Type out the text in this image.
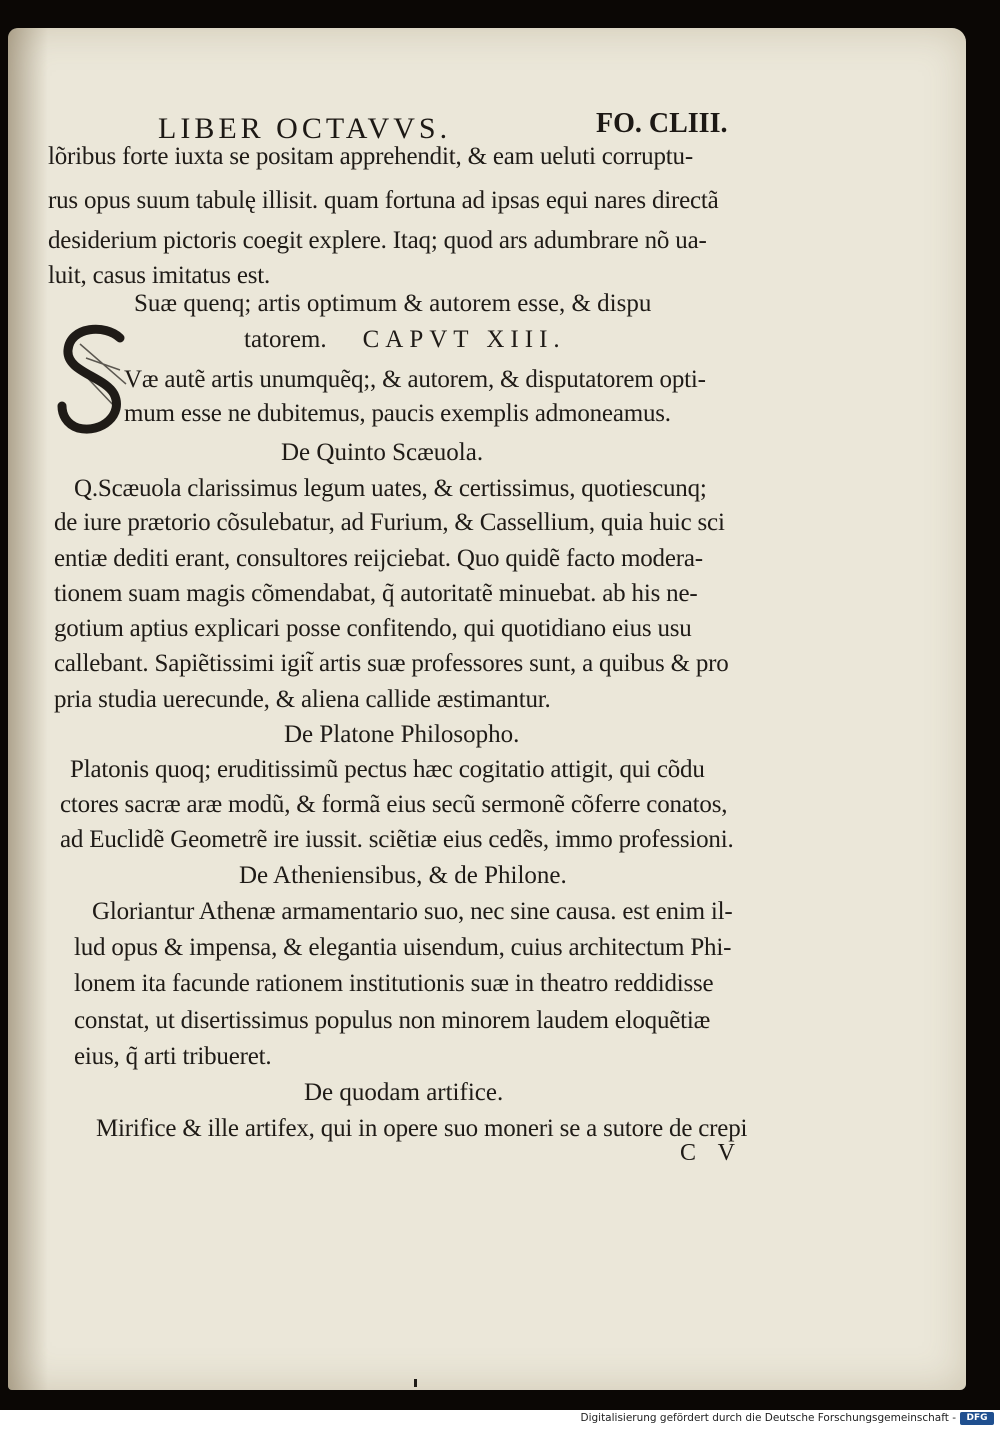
LIBER OCTAVVS.	FO. CLIII.
lõribus forte iuxta se positam apprehendit, & eam ueluti corruptu-
rus opus suum tabulę illisit. quam fortuna ad ipsas equi nares directã
desiderium pictoris coegit explere. Itaq; quod ars adumbrare nõ ua-
luit, casus imitatus est.
Suæ quenq; artis optimum & autorem esse, & dispu
tatorem. CAPVT XIII.
Væ autẽ artis unumquẽq;, & autorem, & disputatorem opti-
mum esse ne dubitemus, paucis exemplis admoneamus.
De Quinto Scæuola.
Q.Scæuola clarissimus legum uates, & certissimus, quotiescunq;
de iure prætorio cõsulebatur, ad Furium, & Cassellium, quia huic sci
entiæ dediti erant, consultores reijciebat. Quo quidẽ facto modera-
tionem suam magis cõmendabat, q̃ autoritatẽ minuebat. ab his ne-
gotium aptius explicari posse confitendo, qui quotidiano eius usu
callebant. Sapiẽtissimi igit̃ artis suæ professores sunt, a quibus & pro
pria studia uerecunde, & aliena callide æstimantur.
De Platone Philosopho.
Platonis quoq; eruditissimũ pectus hæc cogitatio attigit, qui cõdu
ctores sacræ aræ modũ, & formã eius secũ sermonẽ cõferre conatos,
ad Euclidẽ Geometrẽ ire iussit. sciẽtiæ eius cedẽs, immo professioni.
De Atheniensibus, & de Philone.
Gloriantur Athenæ armamentario suo, nec sine causa. est enim il-
lud opus & impensa, & elegantia uisendum, cuius architectum Phi-
lonem ita facunde rationem institutionis suæ in theatro reddidisse
constat, ut disertissimus populus non minorem laudem eloquẽtiæ
eius, q̃ arti tribueret.
De quodam artifice.
Mirifice & ille artifex, qui in opere suo moneri se a sutore de crepi
C V
Digitalisierung gefördert durch die Deutsche Forschungsgemeinschaft -	DFG
